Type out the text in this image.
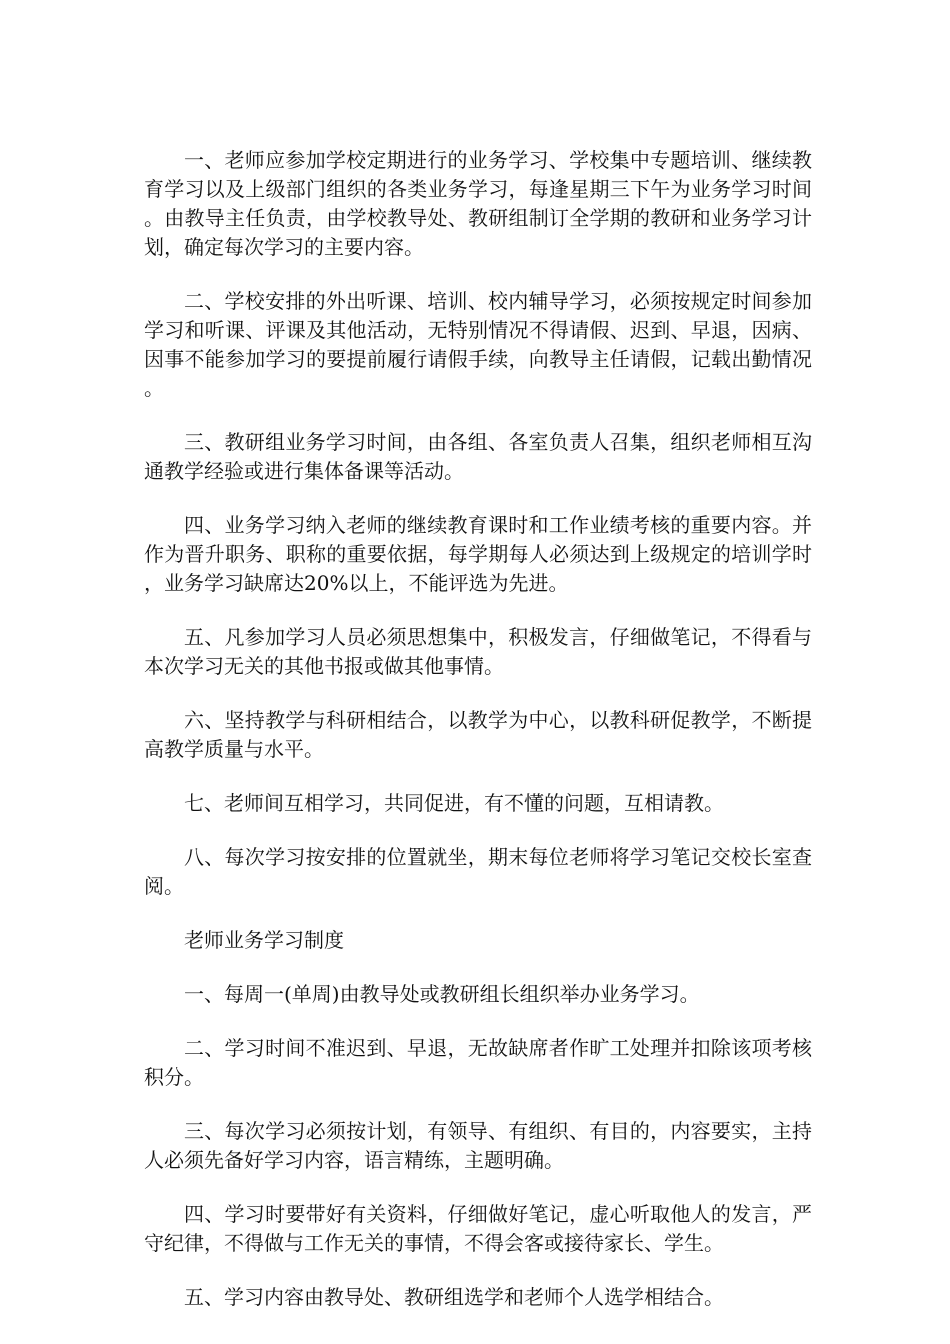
一、老师应参加学校定期进行的业务学习、学校集中专题培训、继续教育学习以及上级部门组织的各类业务学习，每逢星期三下午为业务学习时间。由教导主任负责，由学校教导处、教研组制订全学期的教研和业务学习计划，确定每次学习的主要内容。

二、学校安排的外出听课、培训、校内辅导学习，必须按规定时间参加学习和听课、评课及其他活动，无特别情况不得请假、迟到、早退，因病、因事不能参加学习的要提前履行请假手续，向教导主任请假，记载出勤情况。

三、教研组业务学习时间，由各组、各室负责人召集，组织老师相互沟通教学经验或进行集体备课等活动。

四、业务学习纳入老师的继续教育课时和工作业绩考核的重要内容。并作为晋升职务、职称的重要依据，每学期每人必须达到上级规定的培训学时，业务学习缺席达20%以上，不能评选为先进。

五、凡参加学习人员必须思想集中，积极发言，仔细做笔记，不得看与本次学习无关的其他书报或做其他事情。

六、坚持教学与科研相结合，以教学为中心，以教科研促教学，不断提高教学质量与水平。

七、老师间互相学习，共同促进，有不懂的问题，互相请教。

八、每次学习按安排的位置就坐，期末每位老师将学习笔记交校长室查阅。

老师业务学习制度

一、每周一(单周)由教导处或教研组长组织举办业务学习。

二、学习时间不准迟到、早退，无故缺席者作旷工处理并扣除该项考核积分。

三、每次学习必须按计划，有领导、有组织、有目的，内容要实，主持人必须先备好学习内容，语言精练，主题明确。

四、学习时要带好有关资料，仔细做好笔记，虚心听取他人的发言，严守纪律，不得做与工作无关的事情，不得会客或接待家长、学生。

五、学习内容由教导处、教研组选学和老师个人选学相结合。
